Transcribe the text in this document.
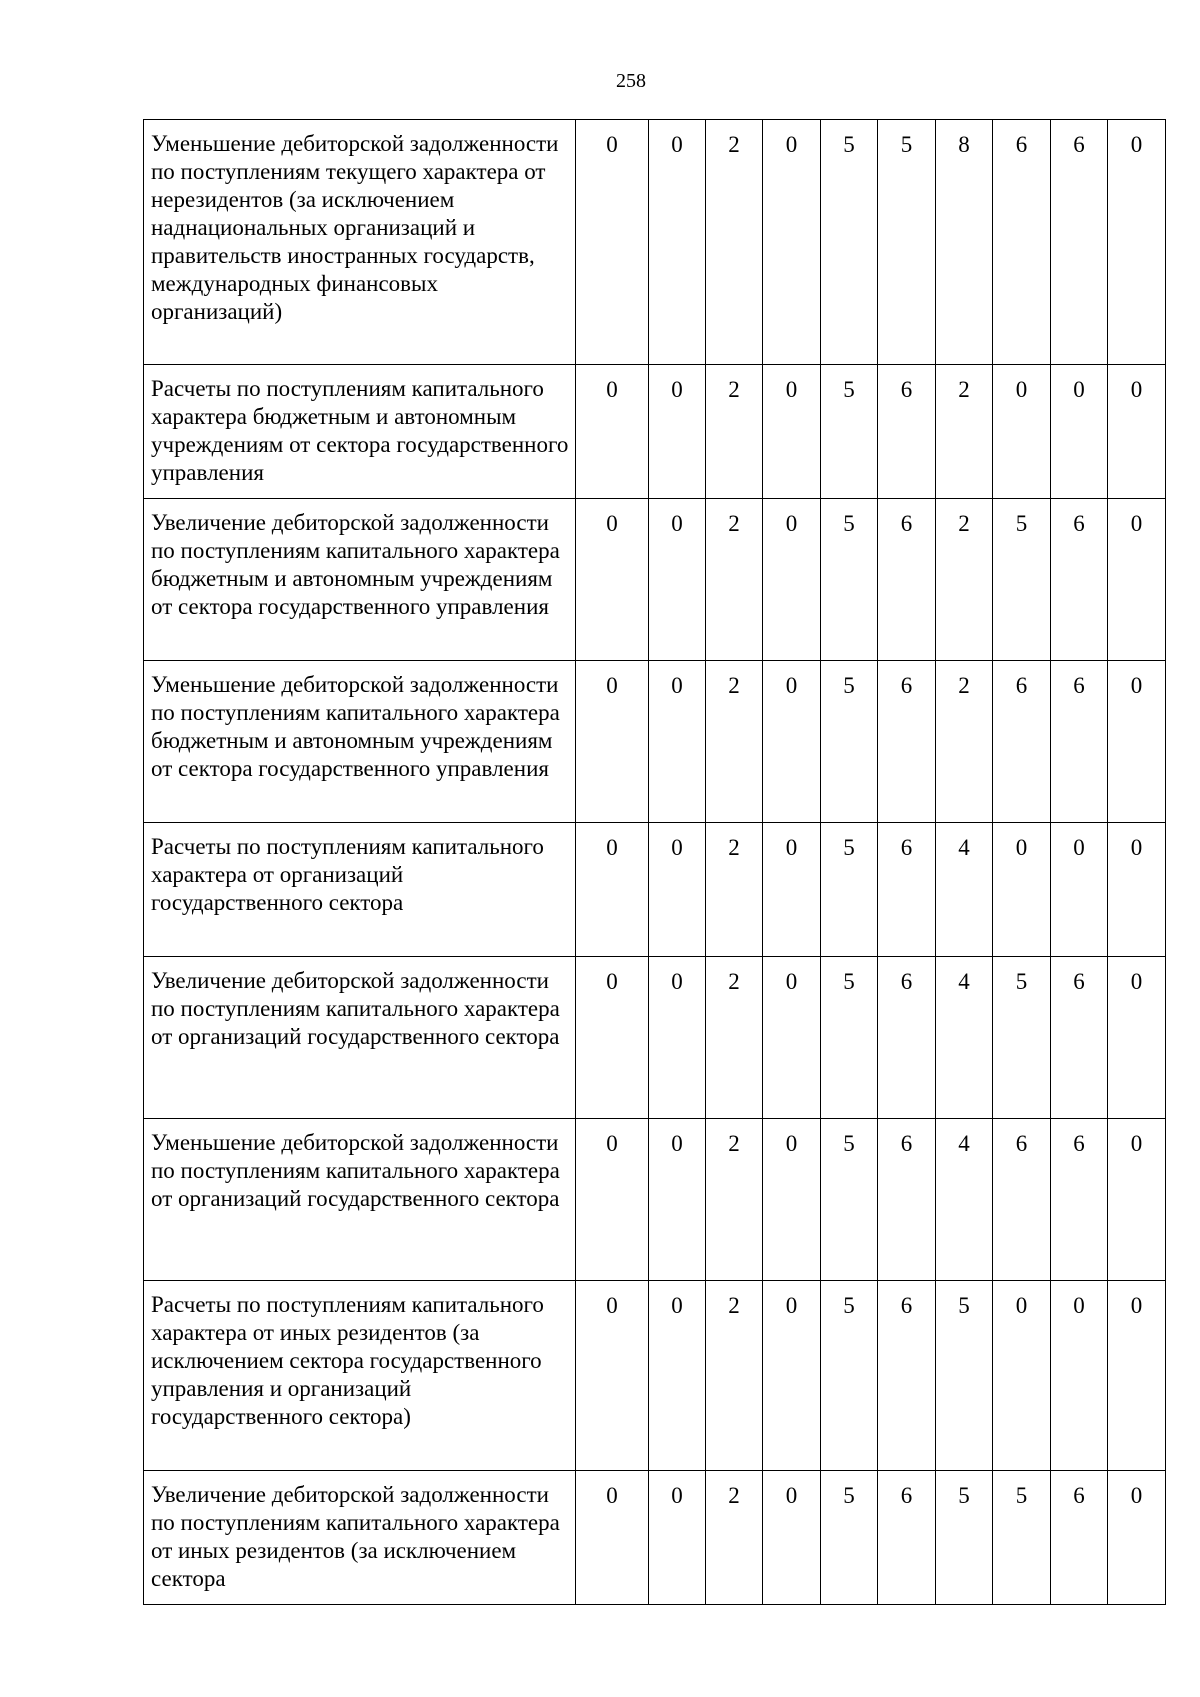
258
Уменьшение дебиторской задолженности по поступлениям текущего характера от нерезидентов (за исключением наднациональных организаций и правительств иностранных государств, международных финансовых организаций)	0	0	2	0	5	5	8	6	6	0
Расчеты по поступлениям капитального характера бюджетным и автономным учреждениям от сектора государственного управления	0	0	2	0	5	6	2	0	0	0
Увеличение дебиторской задолженности по поступлениям капитального характера бюджетным и автономным учреждениям от сектора государственного управления	0	0	2	0	5	6	2	5	6	0
Уменьшение дебиторской задолженности по поступлениям капитального характера бюджетным и автономным учреждениям от сектора государственного управления	0	0	2	0	5	6	2	6	6	0
Расчеты по поступлениям капитального характера от организаций государственного сектора	0	0	2	0	5	6	4	0	0	0
Увеличение дебиторской задолженности по поступлениям капитального характера от организаций государственного сектора	0	0	2	0	5	6	4	5	6	0
Уменьшение дебиторской задолженности по поступлениям капитального характера от организаций государственного сектора	0	0	2	0	5	6	4	6	6	0
Расчеты по поступлениям капитального характера от иных резидентов (за исключением сектора государственного управления и организаций государственного сектора)	0	0	2	0	5	6	5	0	0	0
Увеличение дебиторской задолженности по поступлениям капитального характера от иных резидентов (за исключением сектора	0	0	2	0	5	6	5	5	6	0
